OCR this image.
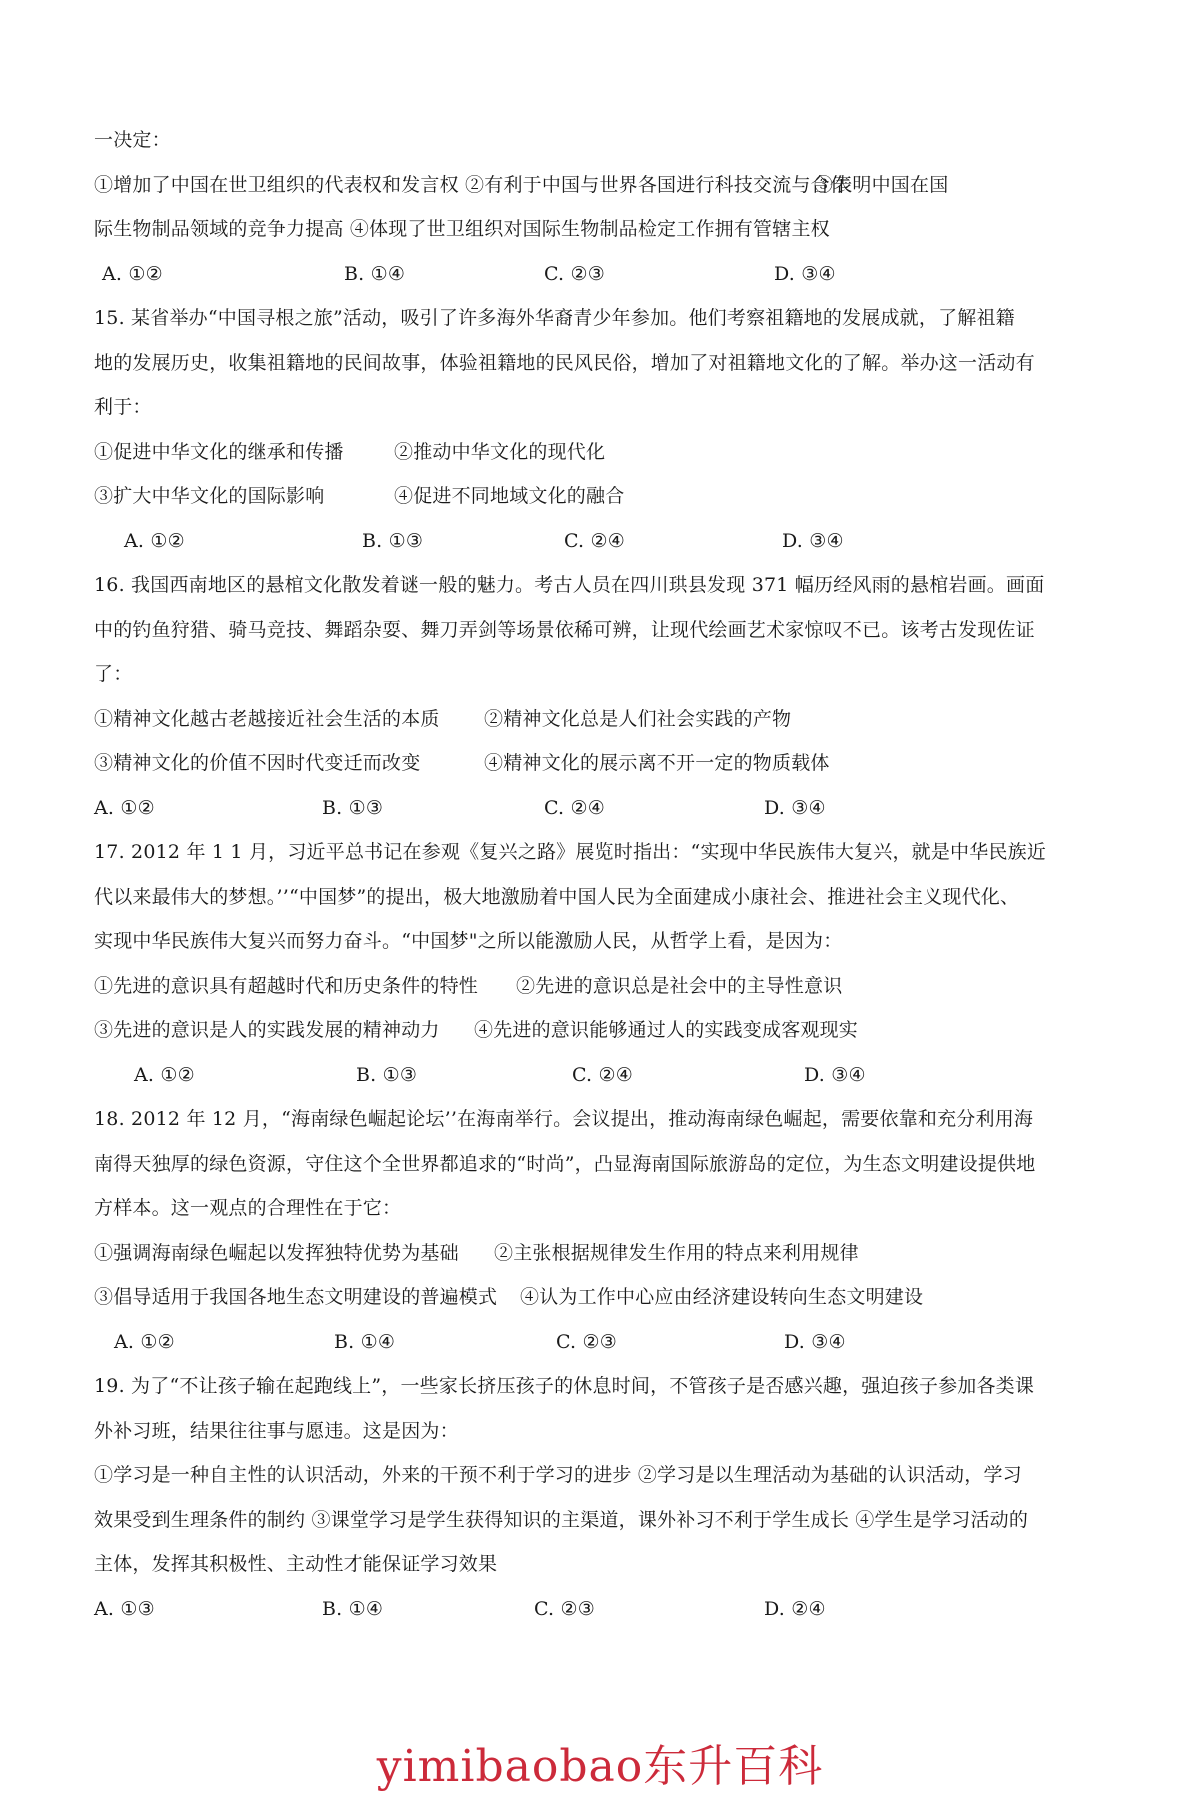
一决定：
①增加了中国在世卫组织的代表权和发言权 ②有利于中国与世界各国进行科技交流与合作
③表明中国在国
际生物制品领域的竞争力提高 ④体现了世卫组织对国际生物制品检定工作拥有管辖主权
A. ①②	B. ①④	C. ②③	D. ③④
15. 某省举办“中国寻根之旅”活动，吸引了许多海外华裔青少年参加。他们考察祖籍地的发展成就，了解祖籍
地的发展历史，收集祖籍地的民间故事，体验祖籍地的民风民俗，增加了对祖籍地文化的了解。举办这一活动有
利于：
①促进中华文化的继承和传播	②推动中华文化的现代化
③扩大中华文化的国际影响	④促进不同地域文化的融合
A. ①②	B. ①③	C. ②④	D. ③④
16. 我国西南地区的悬棺文化散发着谜一般的魅力。考古人员在四川珙县发现 371 幅历经风雨的悬棺岩画。画面
中的钓鱼狩猎、骑马竞技、舞蹈杂耍、舞刀弄剑等场景依稀可辨，让现代绘画艺术家惊叹不已。该考古发现佐证
了：
①精神文化越古老越接近社会生活的本质 ②精神文化总是人们社会实践的产物
③精神文化的价值不因时代变迁而改变	④精神文化的展示离不开一定的物质载体
A. ①②	B. ①③	C. ②④	D. ③④
17. 2012 年 1 1 月，习近平总书记在参观《复兴之路》展览时指出：“实现中华民族伟大复兴，就是中华民族近
代以来最伟大的梦想。’’“中国梦”的提出，极大地激励着中国人民为全面建成小康社会、推进社会主义现代化、
实现中华民族伟大复兴而努力奋斗。“中国梦"之所以能激励人民，从哲学上看，是因为：
①先进的意识具有超越时代和历史条件的特性 ②先进的意识总是社会中的主导性意识
③先进的意识是人的实践发展的精神动力 ④先进的意识能够通过人的实践变成客观现实
A. ①②	B. ①③	C. ②④	D. ③④
18. 2012 年 12 月，“海南绿色崛起论坛’’在海南举行。会议提出，推动海南绿色崛起，需要依靠和充分利用海
南得天独厚的绿色资源，守住这个全世界都追求的“时尚”，凸显海南国际旅游岛的定位，为生态文明建设提供地
方样本。这一观点的合理性在于它：
①强调海南绿色崛起以发挥独特优势为基础 ②主张根据规律发生作用的特点来利用规律
③倡导适用于我国各地生态文明建设的普遍模式 ④认为工作中心应由经济建设转向生态文明建设
A. ①②	B. ①④	C. ②③	D. ③④
19. 为了“不让孩子输在起跑线上”，一些家长挤压孩子的休息时间，不管孩子是否感兴趣，强迫孩子参加各类课
外补习班，结果往往事与愿违。这是因为：
①学习是一种自主性的认识活动，外来的干预不利于学习的进步 ②学习是以生理活动为基础的认识活动，学习
效果受到生理条件的制约 ③课堂学习是学生获得知识的主渠道，课外补习不利于学生成长 ④学生是学习活动的
主体，发挥其积极性、主动性才能保证学习效果
A. ①③	B. ①④	C. ②③	D. ②④
yimibaobao东升百科
